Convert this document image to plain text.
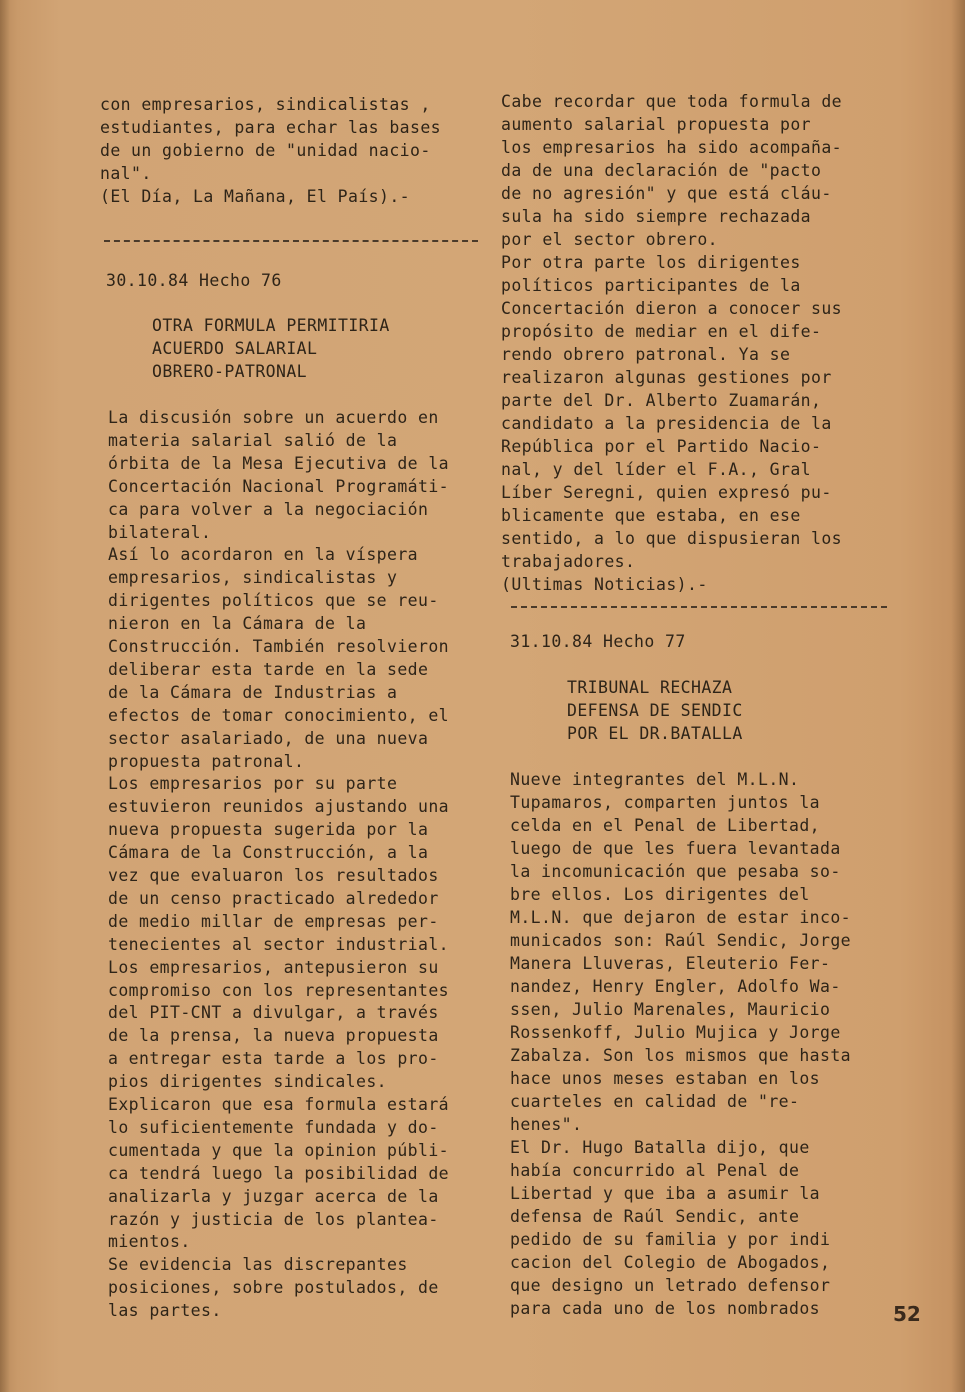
con empresarios, sindicalistas ,
estudiantes, para echar las bases
de un gobierno de "unidad nacio-
nal".
(El Día, La Mañana, El País).-
30.10.84 Hecho 76
OTRA FORMULA PERMITIRIA
ACUERDO SALARIAL
OBRERO-PATRONAL
La discusión sobre un acuerdo en
materia salarial salió de la
órbita de la Mesa Ejecutiva de la
Concertación Nacional Programáti-
ca para volver a la negociación
bilateral.
Así lo acordaron en la víspera
empresarios, sindicalistas y
dirigentes políticos que se reu-
nieron en la Cámara de la
Construcción. También resolvieron
deliberar esta tarde en la sede
de la Cámara de Industrias a
efectos de tomar conocimiento, el
sector asalariado, de una nueva
propuesta patronal.
Los empresarios por su parte
estuvieron reunidos ajustando una
nueva propuesta sugerida por la
Cámara de la Construcción, a la
vez que evaluaron los resultados
de un censo practicado alrededor
de medio millar de empresas per-
tenecientes al sector industrial.
Los empresarios, antepusieron su
compromiso con los representantes
del PIT-CNT a divulgar, a través
de la prensa, la nueva propuesta
a entregar esta tarde a los pro-
pios dirigentes sindicales.
Explicaron que esa formula estará
lo suficientemente fundada y do-
cumentada y que la opinion públi-
ca tendrá luego la posibilidad de
analizarla y juzgar acerca de la
razón y justicia de los plantea-
mientos.
Se evidencia las discrepantes
posiciones, sobre postulados, de
las partes.
Cabe recordar que toda formula de
aumento salarial propuesta por
los empresarios ha sido acompaña-
da de una declaración de "pacto
de no agresión" y que está cláu-
sula ha sido siempre rechazada
por el sector obrero.
Por otra parte los dirigentes
políticos participantes de la
Concertación dieron a conocer sus
propósito de mediar en el dife-
rendo obrero patronal. Ya se
realizaron algunas gestiones por
parte del Dr. Alberto Zuamarán,
candidato a la presidencia de la
República por el Partido Nacio-
nal, y del líder el F.A., Gral
Líber Seregni, quien expresó pu-
blicamente que estaba, en ese
sentido, a lo que dispusieran los
trabajadores.
(Ultimas Noticias).-
31.10.84 Hecho 77
TRIBUNAL RECHAZA
DEFENSA DE SENDIC
POR EL DR.BATALLA
Nueve integrantes del M.L.N.
Tupamaros, comparten juntos la
celda en el Penal de Libertad,
luego de que les fuera levantada
la incomunicación que pesaba so-
bre ellos. Los dirigentes del
M.L.N. que dejaron de estar inco-
municados son: Raúl Sendic, Jorge
Manera Lluveras, Eleuterio Fer-
nandez, Henry Engler, Adolfo Wa-
ssen, Julio Marenales, Mauricio
Rossenkoff, Julio Mujica y Jorge
Zabalza. Son los mismos que hasta
hace unos meses estaban en los
cuarteles en calidad de "re-
henes".
El Dr. Hugo Batalla dijo, que
había concurrido al Penal de
Libertad y que iba a asumir la
defensa de Raúl Sendic, ante
pedido de su familia y por indi
cacion del Colegio de Abogados,
que designo un letrado defensor
para cada uno de los nombrados	52
